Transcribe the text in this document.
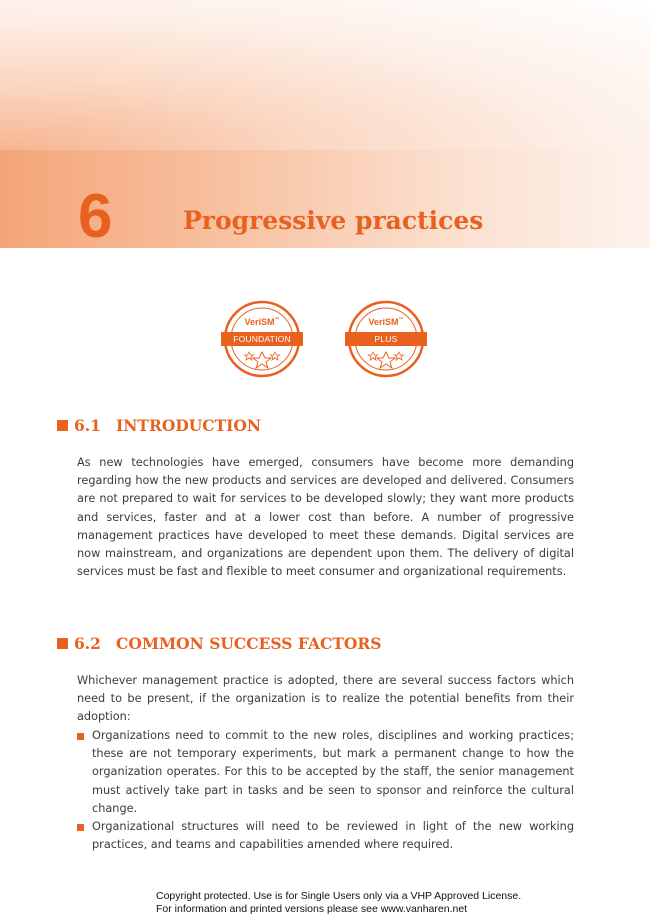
6	Progressive practices
VeriSM™
FOUNDATION
VeriSM™
PLUS
6.1 INTRODUCTION

As new technologies have emerged, consumers have become more demanding regarding how the new products and services are developed and delivered. Consumers are not prepared to wait for services to be developed slowly; they want more products and services, faster and at a lower cost than before. A number of progressive management practices have developed to meet these demands. Digital services are now mainstream, and organizations are dependent upon them. The delivery of digital services must be fast and flexible to meet consumer and organizational requirements.

6.2 COMMON SUCCESS FACTORS

Whichever management practice is adopted, there are several success factors which need to be present, if the organization is to realize the potential benefits from their adoption:

Organizations need to commit to the new roles, disciplines and working practices; these are not temporary experiments, but mark a permanent change to how the organization operates. For this to be accepted by the staff, the senior management must actively take part in tasks and be seen to sponsor and reinforce the cultural change.

Organizational structures will need to be reviewed in light of the new working practices, and teams and capabilities amended where required.

Copyright protected. Use is for Single Users only via a VHP Approved License.
For information and printed versions please see www.vanharen.net
